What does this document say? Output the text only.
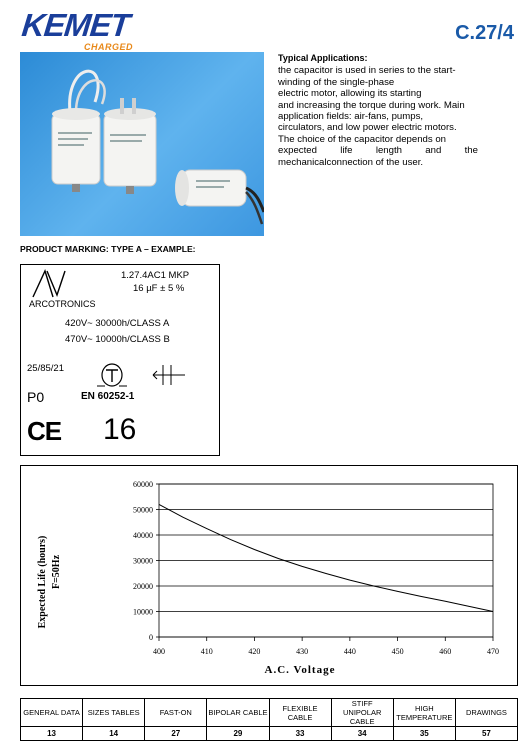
KEMET
CHARGED
C.27/4
Typical Applications:
the capacitor is used in series to the start-
winding of the single-phase
electric motor, allowing its starting
and increasing the torque during work. Main
application fields: air-fans, pumps,
circulators, and low power electric motors.
The choice of the capacitor depends on
expected life length and the
mechanicalconnection of the user.
PRODUCT MARKING: TYPE A – EXAMPLE:
ARCOTRONICS
1.27.4AC1 MKP
16 µF ± 5 %
420V~ 30000h/CLASS A
470V~ 10000h/CLASS B
25/85/21
P0	EN 60252-1
CE 16
0
10000
20000
30000
40000
50000
60000
400	410	420	430	440	450	460	470
Expected Life (hours) F=50Hz
A.C. Voltage
GENERAL DATA	SIZES TABLES	FAST-ON	BIPOLAR CABLE	FLEXIBLE CABLE	STIFF UNIPOLAR CABLE	HIGH TEMPERATURE	DRAWINGS

13	14	27	29	33	34	35	57
